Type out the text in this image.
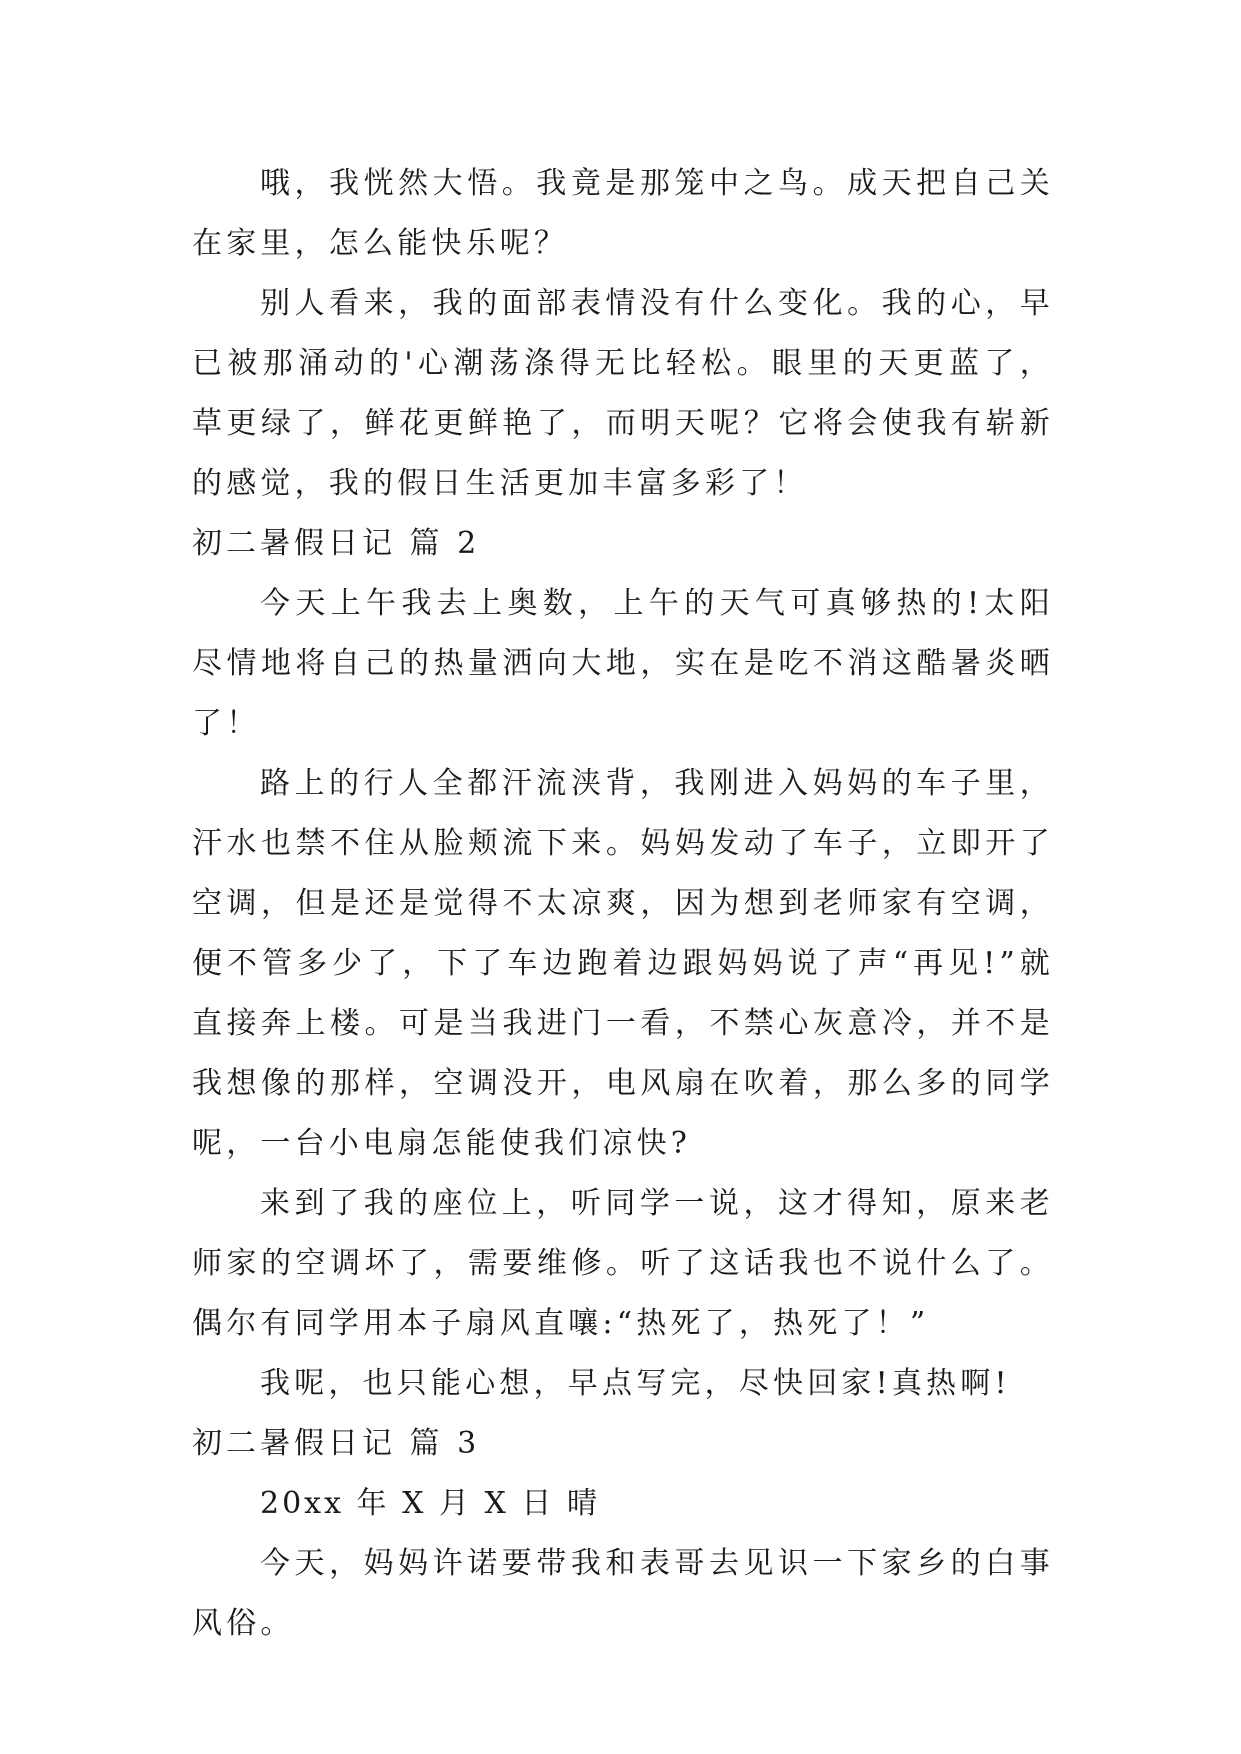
哦，我恍然大悟。我竟是那笼中之鸟。成天把自己关在家里，怎么能快乐呢？

别人看来，我的面部表情没有什么变化。我的心，早已被那涌动的'心潮荡涤得无比轻松。眼里的天更蓝了，草更绿了，鲜花更鲜艳了，而明天呢？它将会使我有崭新的感觉，我的假日生活更加丰富多彩了！

初二暑假日记 篇 2

今天上午我去上奥数，上午的天气可真够热的!太阳尽情地将自己的热量洒向大地，实在是吃不消这酷暑炎晒了！

路上的行人全都汗流浃背，我刚进入妈妈的车子里，汗水也禁不住从脸颊流下来。妈妈发动了车子，立即开了空调，但是还是觉得不太凉爽，因为想到老师家有空调，便不管多少了，下了车边跑着边跟妈妈说了声“再见!”就直接奔上楼。可是当我进门一看，不禁心灰意冷，并不是我想像的那样，空调没开，电风扇在吹着，那么多的同学呢，一台小电扇怎能使我们凉快?

来到了我的座位上，听同学一说，这才得知，原来老师家的空调坏了，需要维修。听了这话我也不说什么了。偶尔有同学用本子扇风直嚷:“热死了，热死了！”

我呢，也只能心想，早点写完，尽快回家!真热啊!

初二暑假日记 篇 3

20xx 年 X 月 X 日 晴

今天，妈妈许诺要带我和表哥去见识一下家乡的白事风俗。
